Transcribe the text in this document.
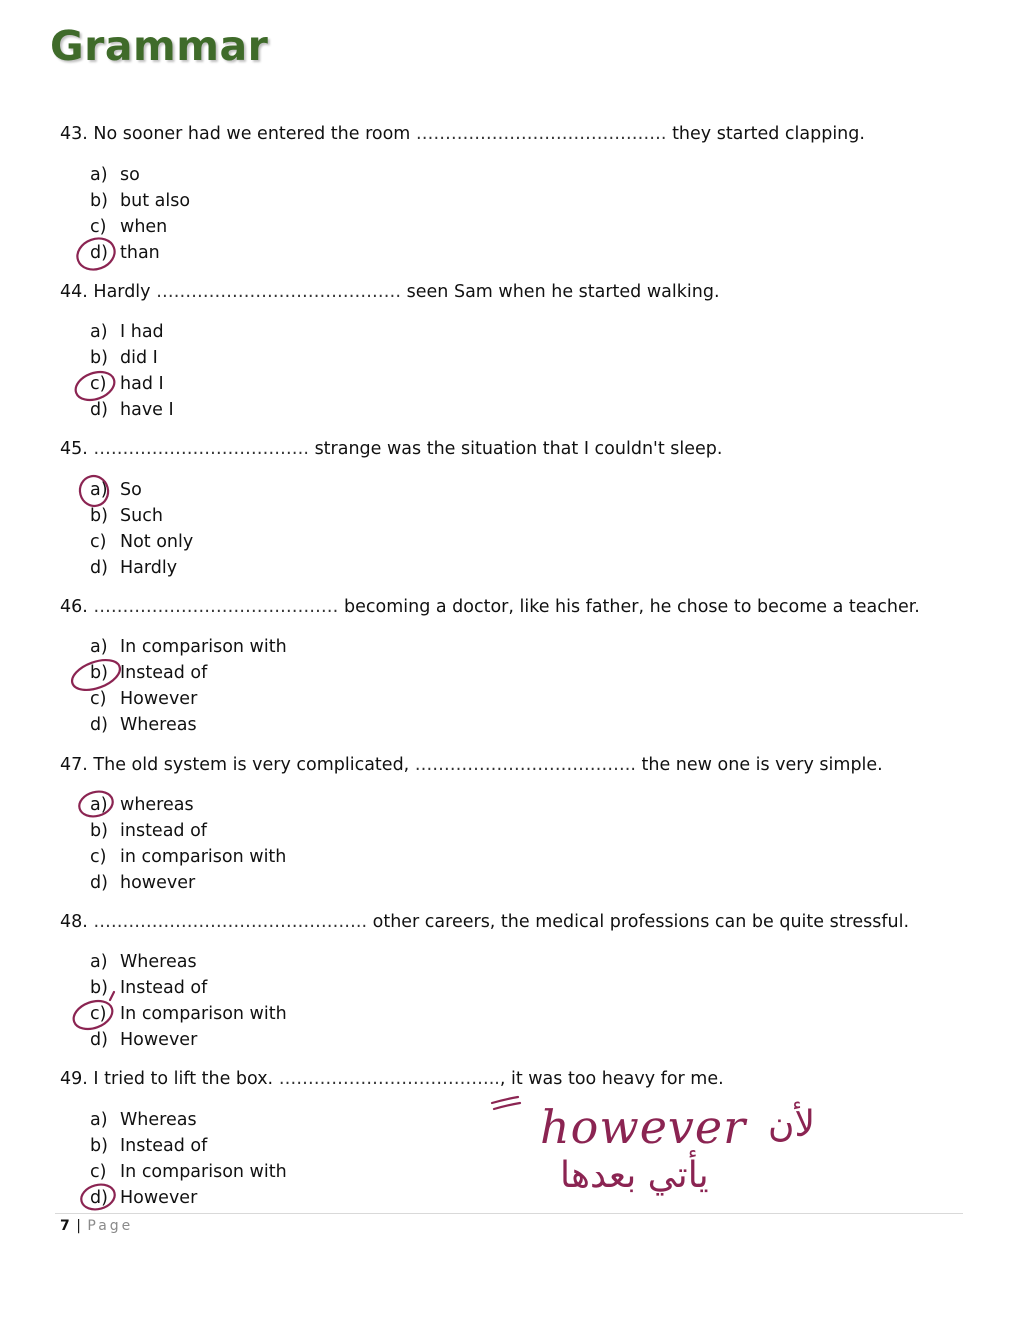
Grammar
43. No sooner had we entered the room ……………………………………. they started clapping.
a) so
b) but also
c) when
d) than
44. Hardly …………………………………… seen Sam when he started walking.
a) I had
b) did I
c) had I
d) have I
45. ………………………………. strange was the situation that I couldn't sleep.
a) So
b) Such
c) Not only
d) Hardly
46. …………………………………… becoming a doctor, like his father, he chose to become a teacher.
a) In comparison with
b) Instead of
c) However
d) Whereas
47. The old system is very complicated, ……………………………….. the new one is very simple.
a) whereas
b) instead of
c) in comparison with
d) however
48. ……………………………………….. other careers, the medical professions can be quite stressful.
a) Whereas
b) Instead of
c) In comparison with
d) However
49. I tried to lift the box. ……………………………….., it was too heavy for me.
a) Whereas
b) Instead of
c) In comparison with
d) However
however لأن
يأتي بعدها
7 | Page
